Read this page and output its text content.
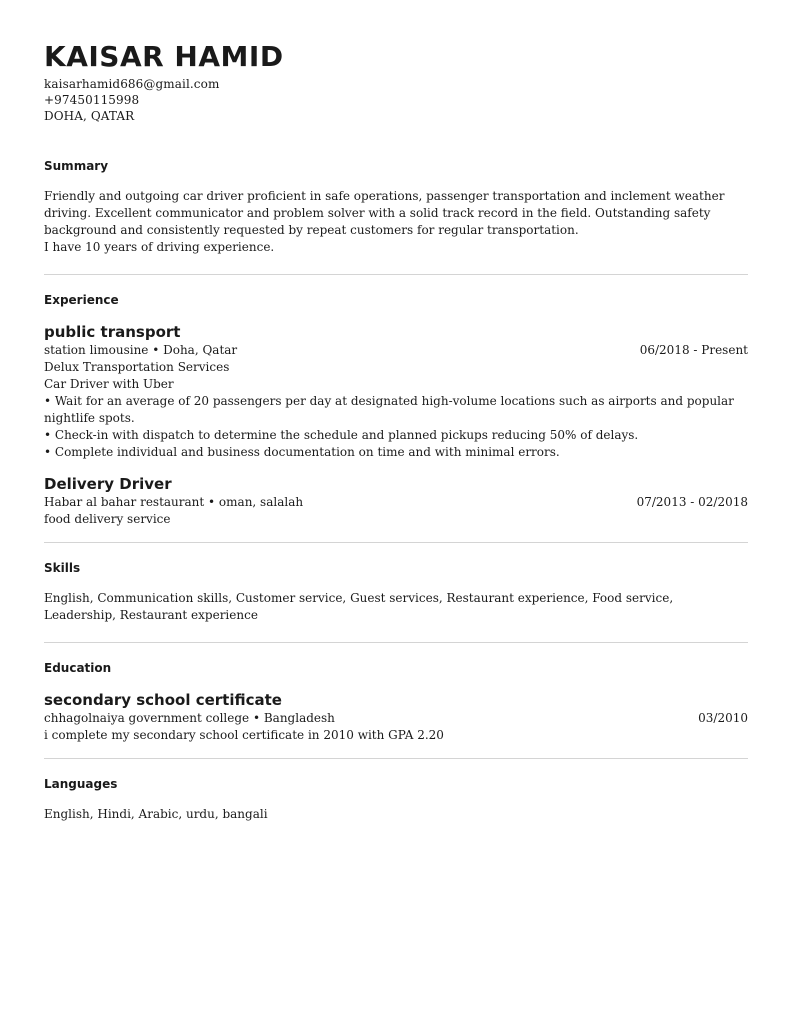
KAISAR HAMID
kaisarhamid686@gmail.com
+97450115998
DOHA, QATAR
Summary
Friendly and outgoing car driver proficient in safe operations, passenger transportation and inclement weather driving. Excellent communicator and problem solver with a solid track record in the field. Outstanding safety background and consistently requested by repeat customers for regular transportation.
I have 10 years of driving experience.
Experience
public transport
station limousine • Doha, Qatar	06/2018 - Present
Delux Transportation Services
Car Driver with Uber
• Wait for an average of 20 passengers per day at designated high-volume locations such as airports and popular nightlife spots.
• Check-in with dispatch to determine the schedule and planned pickups reducing 50% of delays.
• Complete individual and business documentation on time and with minimal errors.
Delivery Driver
Habar al bahar restaurant • oman, salalah	07/2013 - 02/2018
food delivery service
Skills
English, Communication skills, Customer service, Guest services, Restaurant experience, Food service, Leadership, Restaurant experience
Education
secondary school certificate
chhagolnaiya government college • Bangladesh	03/2010
i complete my secondary school certificate in 2010 with GPA 2.20
Languages
English, Hindi, Arabic, urdu, bangali
